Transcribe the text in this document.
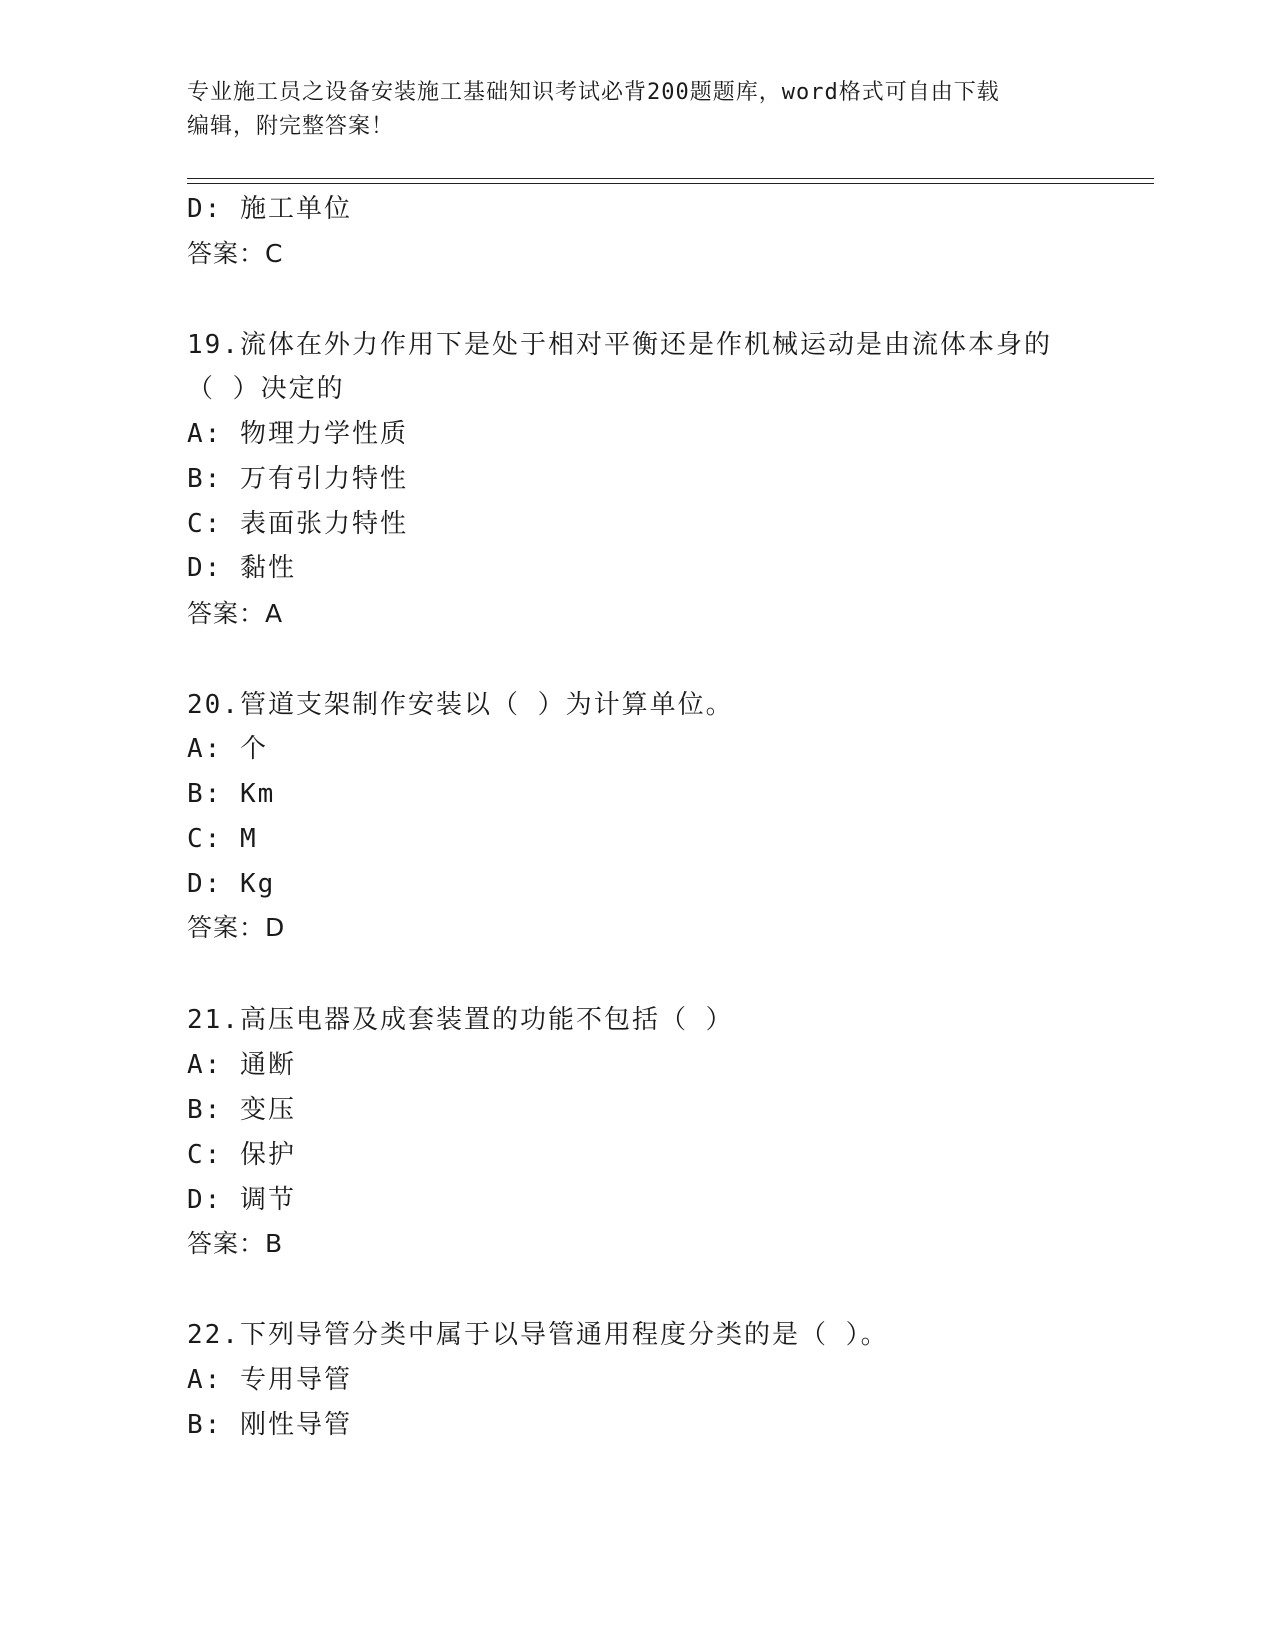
专业施工员之设备安装施工基础知识考试必背200题题库，word格式可自由下载
编辑，附完整答案！
D: 施工单位
答案：C
19.流体在外力作用下是处于相对平衡还是作机械运动是由流体本身的
（ ）决定的
A: 物理力学性质
B: 万有引力特性
C: 表面张力特性
D: 黏性
答案：A
20.管道支架制作安装以（ ）为计算单位。
A: 个
B: Km
C: M
D: Kg
答案：D
21.高压电器及成套装置的功能不包括（ ）
A: 通断
B: 变压
C: 保护
D: 调节
答案：B
22.下列导管分类中属于以导管通用程度分类的是（ ）。
A: 专用导管
B: 刚性导管
